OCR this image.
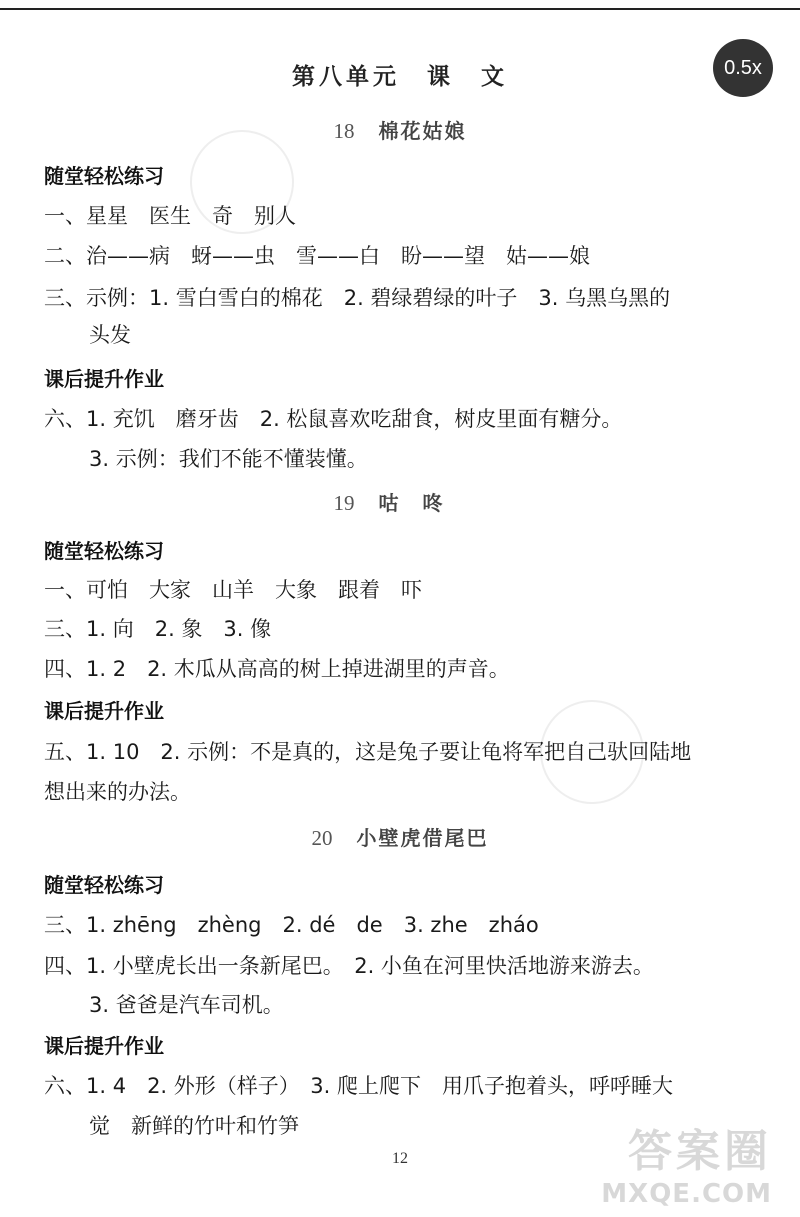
0.5x
第八单元　课　文
18 棉花姑娘
随堂轻松练习
一、星星　医生　奇　别人
二、治——病　蚜——虫　雪——白　盼——望　姑——娘
三、示例：1. 雪白雪白的棉花　2. 碧绿碧绿的叶子　3. 乌黑乌黑的
头发
课后提升作业
六、1. 充饥　磨牙齿　2. 松鼠喜欢吃甜食，树皮里面有糖分。
3. 示例：我们不能不懂装懂。
19 咕咚
随堂轻松练习
一、可怕　大家　山羊　大象　跟着　吓
三、1. 向　2. 象　3. 像
四、1. 2　2. 木瓜从高高的树上掉进湖里的声音。
课后提升作业
五、1. 10　2. 示例：不是真的，这是兔子要让龟将军把自己驮回陆地
想出来的办法。
20 小壁虎借尾巴
随堂轻松练习
三、1. zhēng　zhèng　2. dé　de　3. zhe　zháo
四、1. 小壁虎长出一条新尾巴。　2. 小鱼在河里快活地游来游去。
3. 爸爸是汽车司机。
课后提升作业
六、1. 4　2. 外形（样子）　3. 爬上爬下　用爪子抱着头，呼呼睡大
觉　新鲜的竹叶和竹笋
12	答案圈
MXQE.COM
